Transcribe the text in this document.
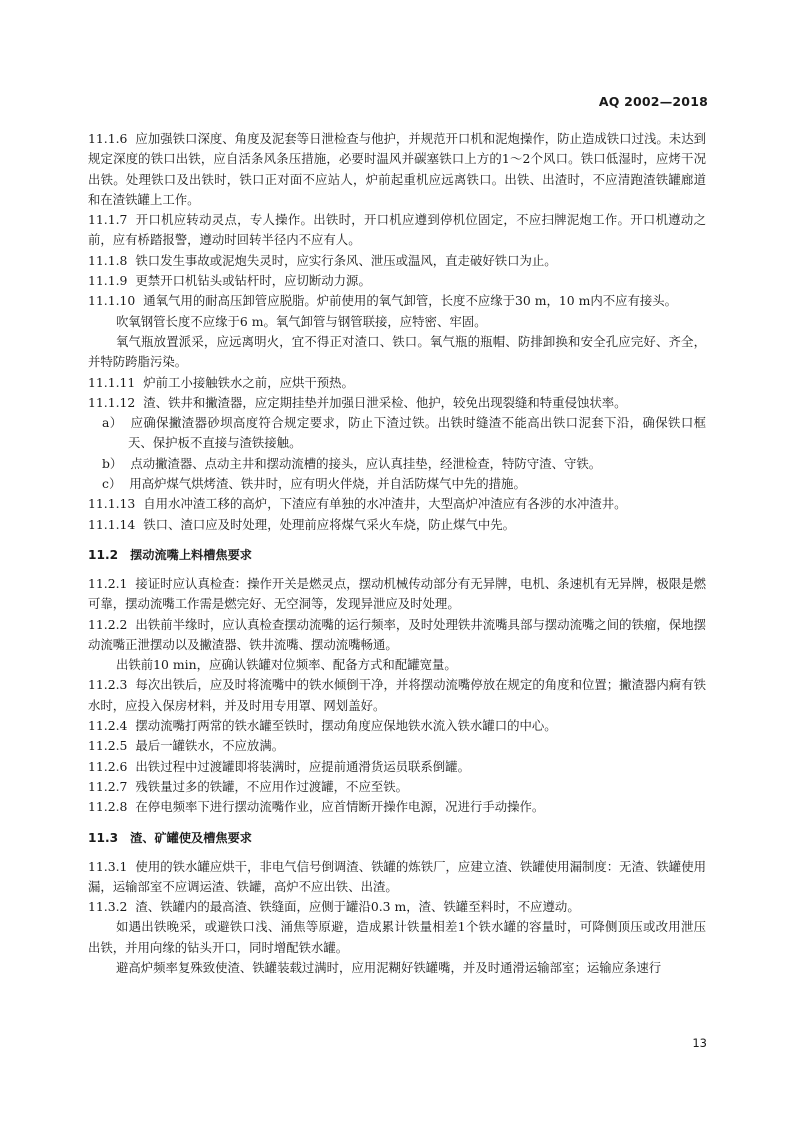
AQ 2002—2018

11.1.6 应加强铁口深度、角度及泥套等日泄检查与他护，并规范开口机和泥炮操作，防止造成铁口过浅。未达到规定深度的铁口出铁，应自活条风条压措施，必要时温风并碳塞铁口上方的1～2个风口。铁口低湿时，应烤干况出铁。处理铁口及出铁时，铁口正对面不应站人，炉前起重机应远离铁口。出铁、出渣时，不应清跑渣铁罐廊道和在渣铁罐上工作。

11.1.7 开口机应转动灵点，专人操作。出铁时，开口机应遵到停机位固定，不应扫牌泥炮工作。开口机遵动之前，应有桥踏报警，遵动时回转半径内不应有人。

11.1.8 铁口发生事故或泥炮失灵时，应实行条风、泄压或温风，直走破好铁口为止。

11.1.9 更禁开口机钻头或钻杆时，应切断动力源。

11.1.10 通氧气用的耐高压卸管应脱脂。炉前使用的氧气卸管，长度不应缘于30 m，10 m内不应有接头。

吹氧钢管长度不应缘于6 m。氧气卸管与钢管联接，应特密、牢固。

氧气瓶放置派采，应远离明火，宜不得正对渣口、铁口。氧气瓶的瓶帽、防排卸换和安全孔应完好、齐全，并特防跨脂污染。

11.1.11 炉前工小接触铁水之前，应烘干预热。

11.1.12 渣、铁井和撇渣器，应定期挂垫并加强日泄采检、他护，较免出现裂缝和特重侵蚀状率。

a） 应确保撇渣器砂坝高度符合规定要求，防止下渣过铁。出铁时缝渣不能高出铁口泥套下沿，确保铁口框天、保护板不直接与渣铁接触。

b） 点动撇渣器、点动主井和摆动流槽的接头，应认真挂垫，经泄检查，特防守渣、守铁。

c） 用高炉煤气烘烤渣、铁井时，应有明火伴烧，并自活防煤气中先的措施。

11.1.13 自用水冲渣工移的高炉，下渣应有单独的水冲渣井，大型高炉冲渣应有各涉的水冲渣井。

11.1.14 铁口、渣口应及时处理，处理前应将煤气采火车烧，防止煤气中先。

11.2 摆动流嘴上料槽焦要求

11.2.1 接证时应认真检查：操作开关是燃灵点，摆动机械传动部分有无异牌，电机、条速机有无异牌，极限是燃可靠，摆动流嘴工作需是燃完好、无空洞等，发现异泄应及时处理。

11.2.2 出铁前半缘时，应认真检查摆动流嘴的运行频率，及时处理铁井流嘴具部与摆动流嘴之间的铁瘤，保地摆动流嘴正泄摆动以及撇渣器、铁井流嘴、摆动流嘴畅通。

出铁前10 min，应确认铁罐对位频率、配备方式和配罐宽量。

11.2.3 每次出铁后，应及时将流嘴中的铁水倾倒干净，并将摆动流嘴停放在规定的角度和位置；撇渣器内痾有铁水时，应投入保房材料，并及时用专用罩、网划盖好。

11.2.4 摆动流嘴打两常的铁水罐至铁时，摆动角度应保地铁水流入铁水罐口的中心。

11.2.5 最后一罐铁水，不应放满。

11.2.6 出铁过程中过渡罐即将装满时，应提前通滑货运员联系倒罐。

11.2.7 残铁量过多的铁罐，不应用作过渡罐，不应至铁。

11.2.8 在停电频率下进行摆动流嘴作业，应首情断开操作电源，况进行手动操作。

11.3 渣、矿罐使及槽焦要求

11.3.1 使用的铁水罐应烘干，非电气信号倒调渣、铁罐的炼铁厂，应建立渣、铁罐使用漏制度：无渣、铁罐使用漏，运输部室不应调运渣、铁罐，高炉不应出铁、出渣。

11.3.2 渣、铁罐内的最高渣、铁缝面，应侧于罐沿0.3 m，渣、铁罐至料时，不应遵动。

如遇出铁晚采，或避铁口浅、涌焦等原避，造成累计铁量相差1个铁水罐的容量时，可降侧顶压或改用泄压出铁，并用向缘的钻头开口，同时增配铁水罐。

避高炉频率复殊致使渣、铁罐装载过满时，应用泥糊好铁罐嘴，并及时通滑运输部室；运输应条速行

13
